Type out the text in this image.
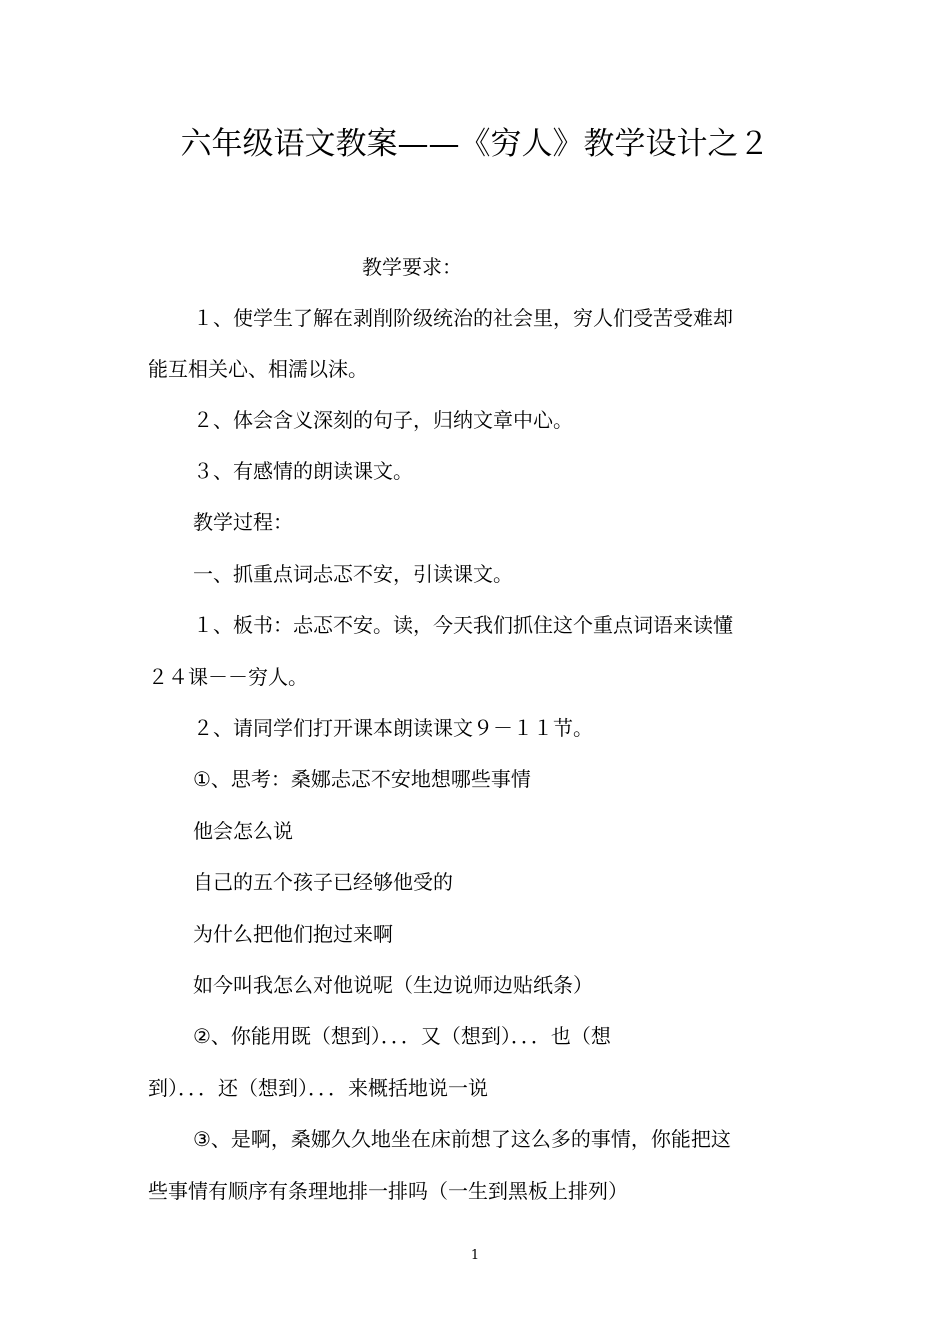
六年级语文教案——《穷人》教学设计之２
教学要求：
１、使学生了解在剥削阶级统治的社会里，穷人们受苦受难却
能互相关心、相濡以沫。
２、体会含义深刻的句子，归纳文章中心。
３、有感情的朗读课文。
教学过程：
一、抓重点词忐忑不安，引读课文。
１、板书：忐忑不安。读，今天我们抓住这个重点词语来读懂
２４课－－穷人。
２、请同学们打开课本朗读课文９－１１节。
①、思考：桑娜忐忑不安地想哪些事情
他会怎么说
自己的五个孩子已经够他受的
为什么把他们抱过来啊
如今叫我怎么对他说呢（生边说师边贴纸条）
②、你能用既（想到）．．．又（想到）．．．也（想
到）．．．还（想到）．．．来概括地说一说
③、是啊，桑娜久久地坐在床前想了这么多的事情，你能把这
些事情有顺序有条理地排一排吗（一生到黑板上排列）
1
